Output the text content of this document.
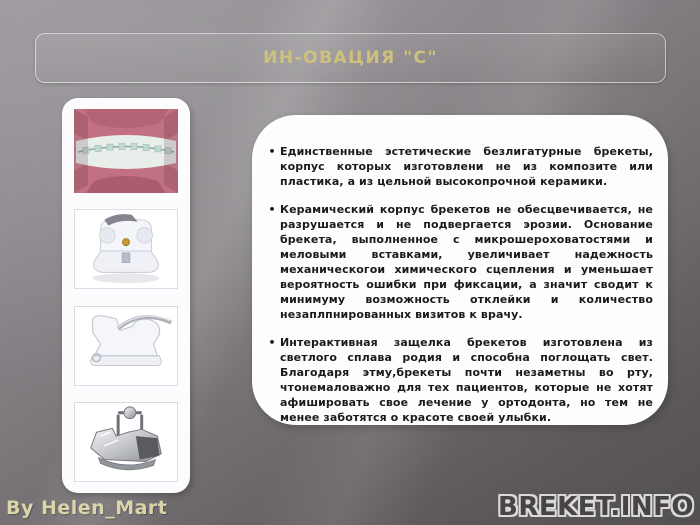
ИН-ОВАЦИЯ "С"
• Единственные эстетические безлигатурные брекеты, корпус которых изготовлени не из композите или пластика, а из цельной высокопрочной керамики.

• Керамический корпус брекетов не обесцвечивается, не разрушается и не подвергается эрозии. Основание брекета, выполненное с микрошероховатостями и меловыми вставками, увеличивает надежность механическогои химического сцепления и уменьшает вероятность ошибки при фиксации, а значит сводит к минимуму возможность отклейки и количество незаплпнированных визитов к врачу.

• Интерактивная защелка брекетов изготовлена из светлого сплава родия и способна поглощать свет. Благодаря этму,брекеты почти незаметны во рту, чтонемаловажно для тех пациентов, которые не хотят афишировать свое лечение у ортодонта, но тем не менее заботятся о красоте своей улыбки.

By Helen_Mart	BREKET.INFO
